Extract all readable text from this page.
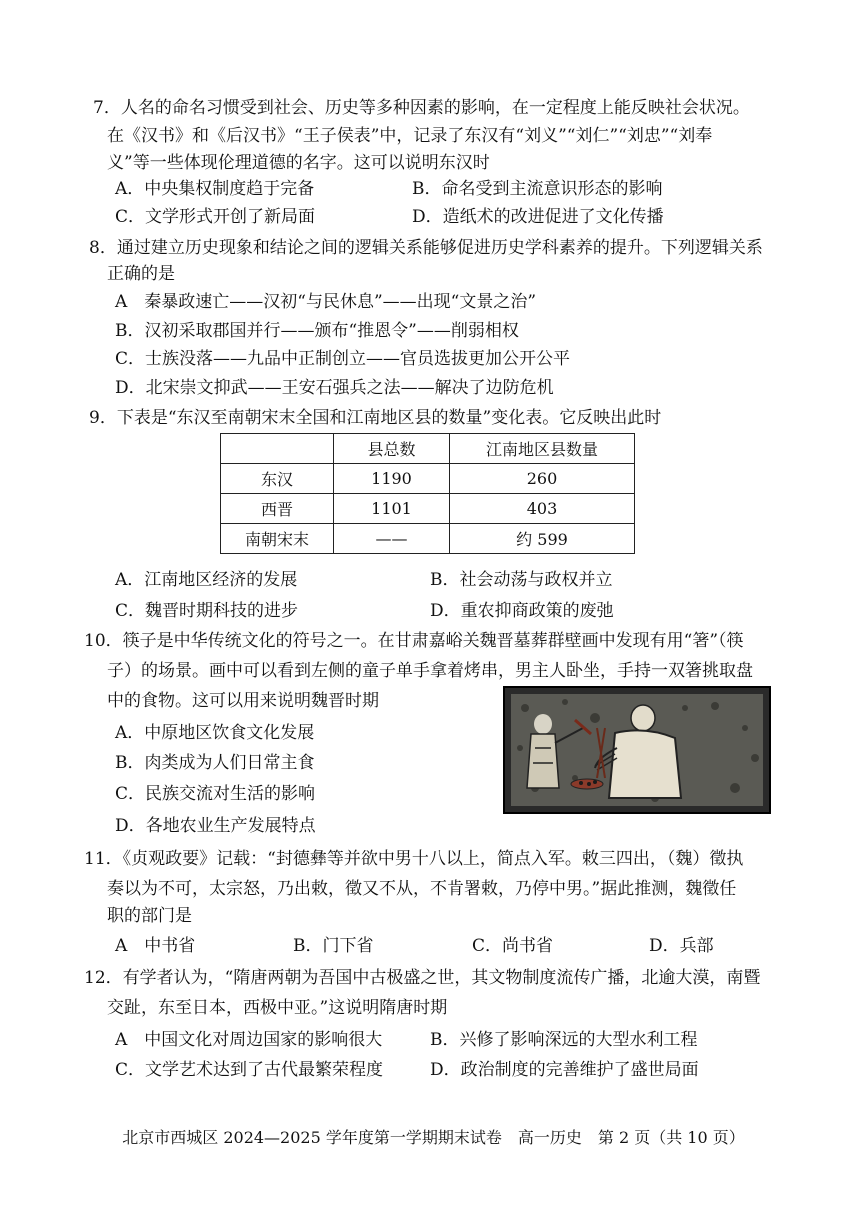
7．人名的命名习惯受到社会、历史等多种因素的影响，在一定程度上能反映社会状况。
在《汉书》和《后汉书》“王子侯表”中，记录了东汉有“刘义”“刘仁”“刘忠”“刘奉
义”等一些体现伦理道德的名字。这可以说明东汉时
A．中央集权制度趋于完备	B．命名受到主流意识形态的影响
C．文学形式开创了新局面	D．造纸术的改进促进了文化传播
8．通过建立历史现象和结论之间的逻辑关系能够促进历史学科素养的提升。下列逻辑关系
正确的是
A　秦暴政速亡——汉初“与民休息”——出现“文景之治”
B．汉初采取郡国并行——颁布“推恩令”——削弱相权
C．士族没落——九品中正制创立——官员选拔更加公开公平
D．北宋崇文抑武——王安石强兵之法——解决了边防危机
9．下表是“东汉至南朝宋末全国和江南地区县的数量”变化表。它反映出此时
	县总数	江南地区县数量
东汉	1190	260
西晋	1101	403
南朝宋末	——	约 599
A．江南地区经济的发展	B．社会动荡与政权并立
C．魏晋时期科技的进步	D．重农抑商政策的废弛
10．筷子是中华传统文化的符号之一。在甘肃嘉峪关魏晋墓葬群壁画中发现有用“箸”（筷
子）的场景。画中可以看到左侧的童子单手拿着烤串，男主人卧坐，手持一双箸挑取盘
中的食物。这可以用来说明魏晋时期
A．中原地区饮食文化发展
B．肉类成为人们日常主食
C．民族交流对生活的影响
D．各地农业生产发展特点
11．《贞观政要》记载：“封德彝等并欲中男十八以上，简点入军。敕三四出，（魏）徵执
奏以为不可，太宗怒，乃出敕，徵又不从，不肯署敕，乃停中男。”据此推测，魏徵任
职的部门是
A　中书省	B．门下省	C．尚书省	D．兵部
12．有学者认为，“隋唐两朝为吾国中古极盛之世，其文物制度流传广播，北逾大漠，南暨
交趾，东至日本，西极中亚。”这说明隋唐时期
A　中国文化对周边国家的影响很大	B．兴修了影响深远的大型水利工程
C．文学艺术达到了古代最繁荣程度	D．政治制度的完善维护了盛世局面
北京市西城区 2024—2025 学年度第一学期期末试卷　高一历史　第 2 页（共 10 页）
